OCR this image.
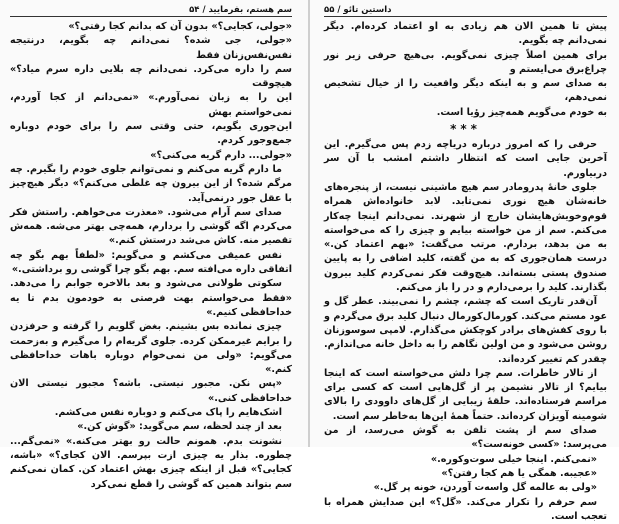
۵۴ / سم هستم، بفرمایید

«جولی، کجایی؟» بدون آن که بدانم کجا رفتی؟»

«جولی، جی شده؟ نمی‌دانم چه بگویم، درنتیجه نفس‌نفس‌زنان فقط

سم را داره می‌کرد. نمی‌دانم چه بلایی داره سرم میاد؟» هیچوقت

این را به زبان نمی‌آورم.» «نمی‌دانم از کجا آوردم، نمی‌خواستم بهش

این‌جوری بگویم، حتی وقتی سم را برای خودم دوباره جمع‌وجور کردم.

«جولی... دارم گریه می‌کنی؟»

ما دارم گریه می‌کنم و نمی‌توانم جلوی خودم را بگیرم. چه مرگم شده؟ از این بیرون چه غلطی می‌کنم؟» دیگر هیچ‌چیز با عقل جور درنمی‌آید.

صدای سم آرام می‌شود. «معذرت می‌خواهم. راستش فکر می‌کردم اگه گوشی را بردارم، همه‌چی بهتر می‌شه. همه‌ش تقصیر منه. کاش می‌شد درستش کنم.»

نفس عمیقی می‌کشم و می‌گویم: «لطفاً بهم بگو چه اتفاقی داره می‌افته سم. بهم بگو چرا گوشی رو برداشتی.»

سکوتی طولانی می‌شود و بعد بالاخره جوابم را می‌دهد. «فقط می‌خواستم بهت فرصتی به خودمون بدم تا یه خداحافظی کنیم.»

چیزی نمانده بس بشینم. بغض گلویم را گرفته و حرفزدن را برایم غیرممکن کرده. جلوی گریه‌ام را می‌گیرم و به‌زحمت می‌گویم: «ولی من نمی‌خوام دوباره باهات خداحافظی کنم.»

«پس نکن. مجبور نیستی. باشه؟ مجبور نیستی الان خداحافظی کنی.»

اشک‌هایم را پاک می‌کنم و دوباره نفس می‌کشم.

بعد از چند لحظه، سم می‌گوید: «گوش کن.»

نشونت بدم. همونم حالت رو بهتر می‌کنه.» «نمی‌گم... چطوره. بذار یه چیزی ازت بپرسم. الان کجای؟» «باشه، کجایی؟» قبل از اینکه چیزی بهش اعتماد کن. کمان نمی‌کنم سم بتواند همین که گوشی را قطع نمی‌کرد

داستین تائو / ۵۵

پیش تا همین الان هم زیادی به او اعتماد کرده‌ام. دیگر نمی‌دانم چه بگویم.

برای همین اصلاً چیزی نمی‌گویم. بی‌هیچ حرفی زیر نور چراغ‌برق می‌ایستم و

به صدای سم و به اینکه دیگر واقعیت را از خیال تشخیص نمی‌دهم،

به خودم می‌گویم همه‌چیز رؤیا است.

***

حرفی را که امروز درباره دریاچه زدم پس می‌گیرم. این آخرین جایی است که انتظار داشتم امشب با آن سر دربیاورم.

جلوی خانهٔ پدرومادر سم هیچ ماشینی نیست، از پنجره‌های خانه‌شان هیچ نوری نمی‌تابد. لابد خانواده‌اش همراه قوم‌وخویش‌هایشان خارج از شهرند. نمی‌دانم اینجا چه‌کار می‌کنم. سم از من خواسته بیایم و چیزی را که می‌خواسته به من بدهد، بردارم. مرتب می‌گفت: «بهم اعتماد کن.» درست همان‌جوری که به من گفته، کلید اضافی را به پایین صندوق پستی بسته‌اند. هیچ‌وقت فکر نمی‌کردم کلید بیرون بگذارند. کلید را برمی‌دارم و در را باز می‌کنم.

آن‌قدر تاریک است که چشم، چشم را نمی‌بیند. عطر گل و عود مستم می‌کند. کورمال‌کورمال دنبال کلید برق می‌گردم و با روی کفش‌های برادر کوچکش می‌گذارم. لامپی سوسوزنان روشن می‌شود و من اولین نگاهم را به داخل خانه می‌اندازم. چقدر کم تغییر کرده‌اند.

از تالار خاطرات. سم چرا دلش می‌خواسته است که اینجا بیایم؟ از تالار نشیمن پر از گل‌هایی است که کسی برای مراسم فرستاده‌اند. حلقهٔ زیبایی از گل‌های داوودی را بالای شومینه آویزان کرده‌اند. حتماً همهٔ این‌ها به‌خاطر سم است.

صدای سم از پشت تلفن به گوش می‌رسد، از من می‌پرسد: «کسی خونه‌ست؟»

«نمی‌کنم. اینجا خیلی سوت‌وکوره.»

«عجیبه. همگی یا هم کجا رفتن؟»

«ولی به عالمه گل واسه‌ت آوردن، خونه پر گل.»

سم حرفم را تکرار می‌کند. «گل؟» این صدایش همراه با تعجب است.
